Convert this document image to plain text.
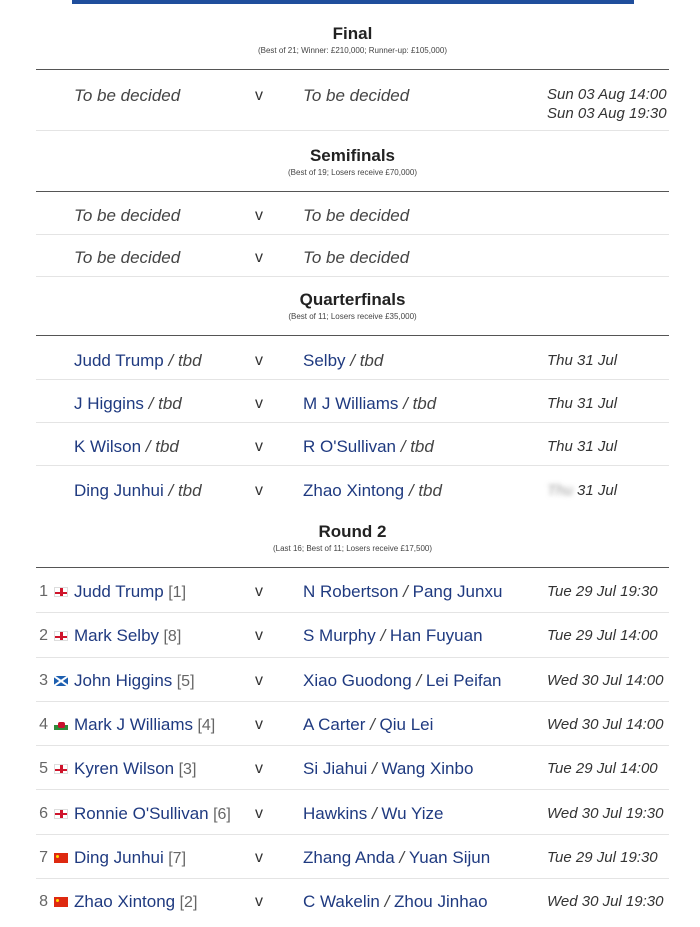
Final
(Best of 21; Winner: £210,000; Runner-up: £105,000)
To be decided	v To be decided	Sun 03 Aug 14:00
Sun 03 Aug 19:30
Semifinals
(Best of 19; Losers receive £70,000)
To be decided	v To be decided
To be decided	v To be decided
Quarterfinals
(Best of 11; Losers receive £35,000)
Judd Trump / tbd	v Selby / tbd	Thu 31 Jul
J Higgins / tbd	v M J Williams / tbd	Thu 31 Jul
K Wilson / tbd	v R O'Sullivan / tbd	Thu 31 Jul
Ding Junhui / tbd	v Zhao Xintong / tbd	Thu 31 Jul
Round 2
(Last 16; Best of 11; Losers receive £17,500)
1 Judd Trump [1]	v N Robertson / Pang Junxu	Tue 29 Jul 19:30
2 Mark Selby [8]	v S Murphy / Han Fuyuan	Tue 29 Jul 14:00
3 John Higgins [5]	v Xiao Guodong / Lei Peifan	Wed 30 Jul 14:00
4 Mark J Williams [4] v A Carter / Qiu Lei	Wed 30 Jul 14:00
5 Kyren Wilson [3]	v Si Jiahui / Wang Xinbo	Tue 29 Jul 14:00
6 Ronnie O'Sullivan [6] v Hawkins / Wu Yize	Wed 30 Jul 19:30
7 Ding Junhui [7]	v Zhang Anda / Yuan Sijun	Tue 29 Jul 19:30
8 Zhao Xintong [2]	v C Wakelin / Zhou Jinhao	Wed 30 Jul 19:30
